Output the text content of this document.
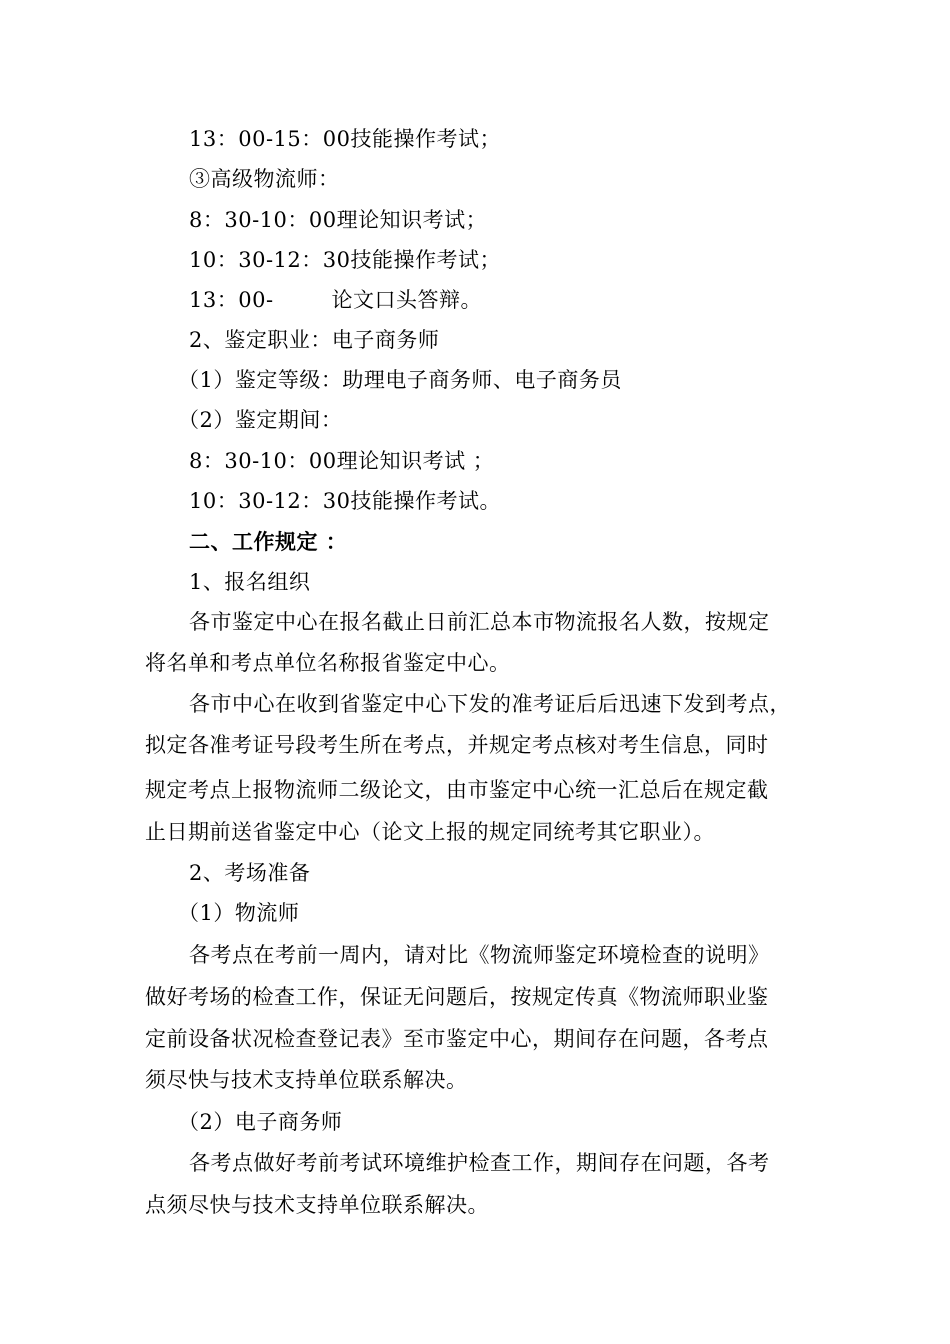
13：00-15：00技能操作考试；
③高级物流师：
8：30-10：00理论知识考试；
10：30-12：30技能操作考试；
13：00-	论文口头答辩。
2、鉴定职业：电子商务师
（1）鉴定等级：助理电子商务师、电子商务员
（2）鉴定期间：
8：30-10：00理论知识考试 ；
10：30-12：30技能操作考试。
二、工作规定 ：
1、报名组织
各市鉴定中心在报名截止日前汇总本市物流报名人数，按规定
将名单和考点单位名称报省鉴定中心。
各市中心在收到省鉴定中心下发的准考证后后迅速下发到考点，
拟定各准考证号段考生所在考点，并规定考点核对考生信息，同时
规定考点上报物流师二级论文，由市鉴定中心统一汇总后在规定截
止日期前送省鉴定中心（论文上报的规定同统考其它职业）。
2、考场准备
（1）物流师
各考点在考前一周内，请对比《物流师鉴定环境检查的说明》
做好考场的检查工作，保证无问题后，按规定传真《物流师职业鉴
定前设备状况检查登记表》至市鉴定中心，期间存在问题，各考点
须尽快与技术支持单位联系解决。
（2）电子商务师
各考点做好考前考试环境维护检查工作，期间存在问题，各考
点须尽快与技术支持单位联系解决。
